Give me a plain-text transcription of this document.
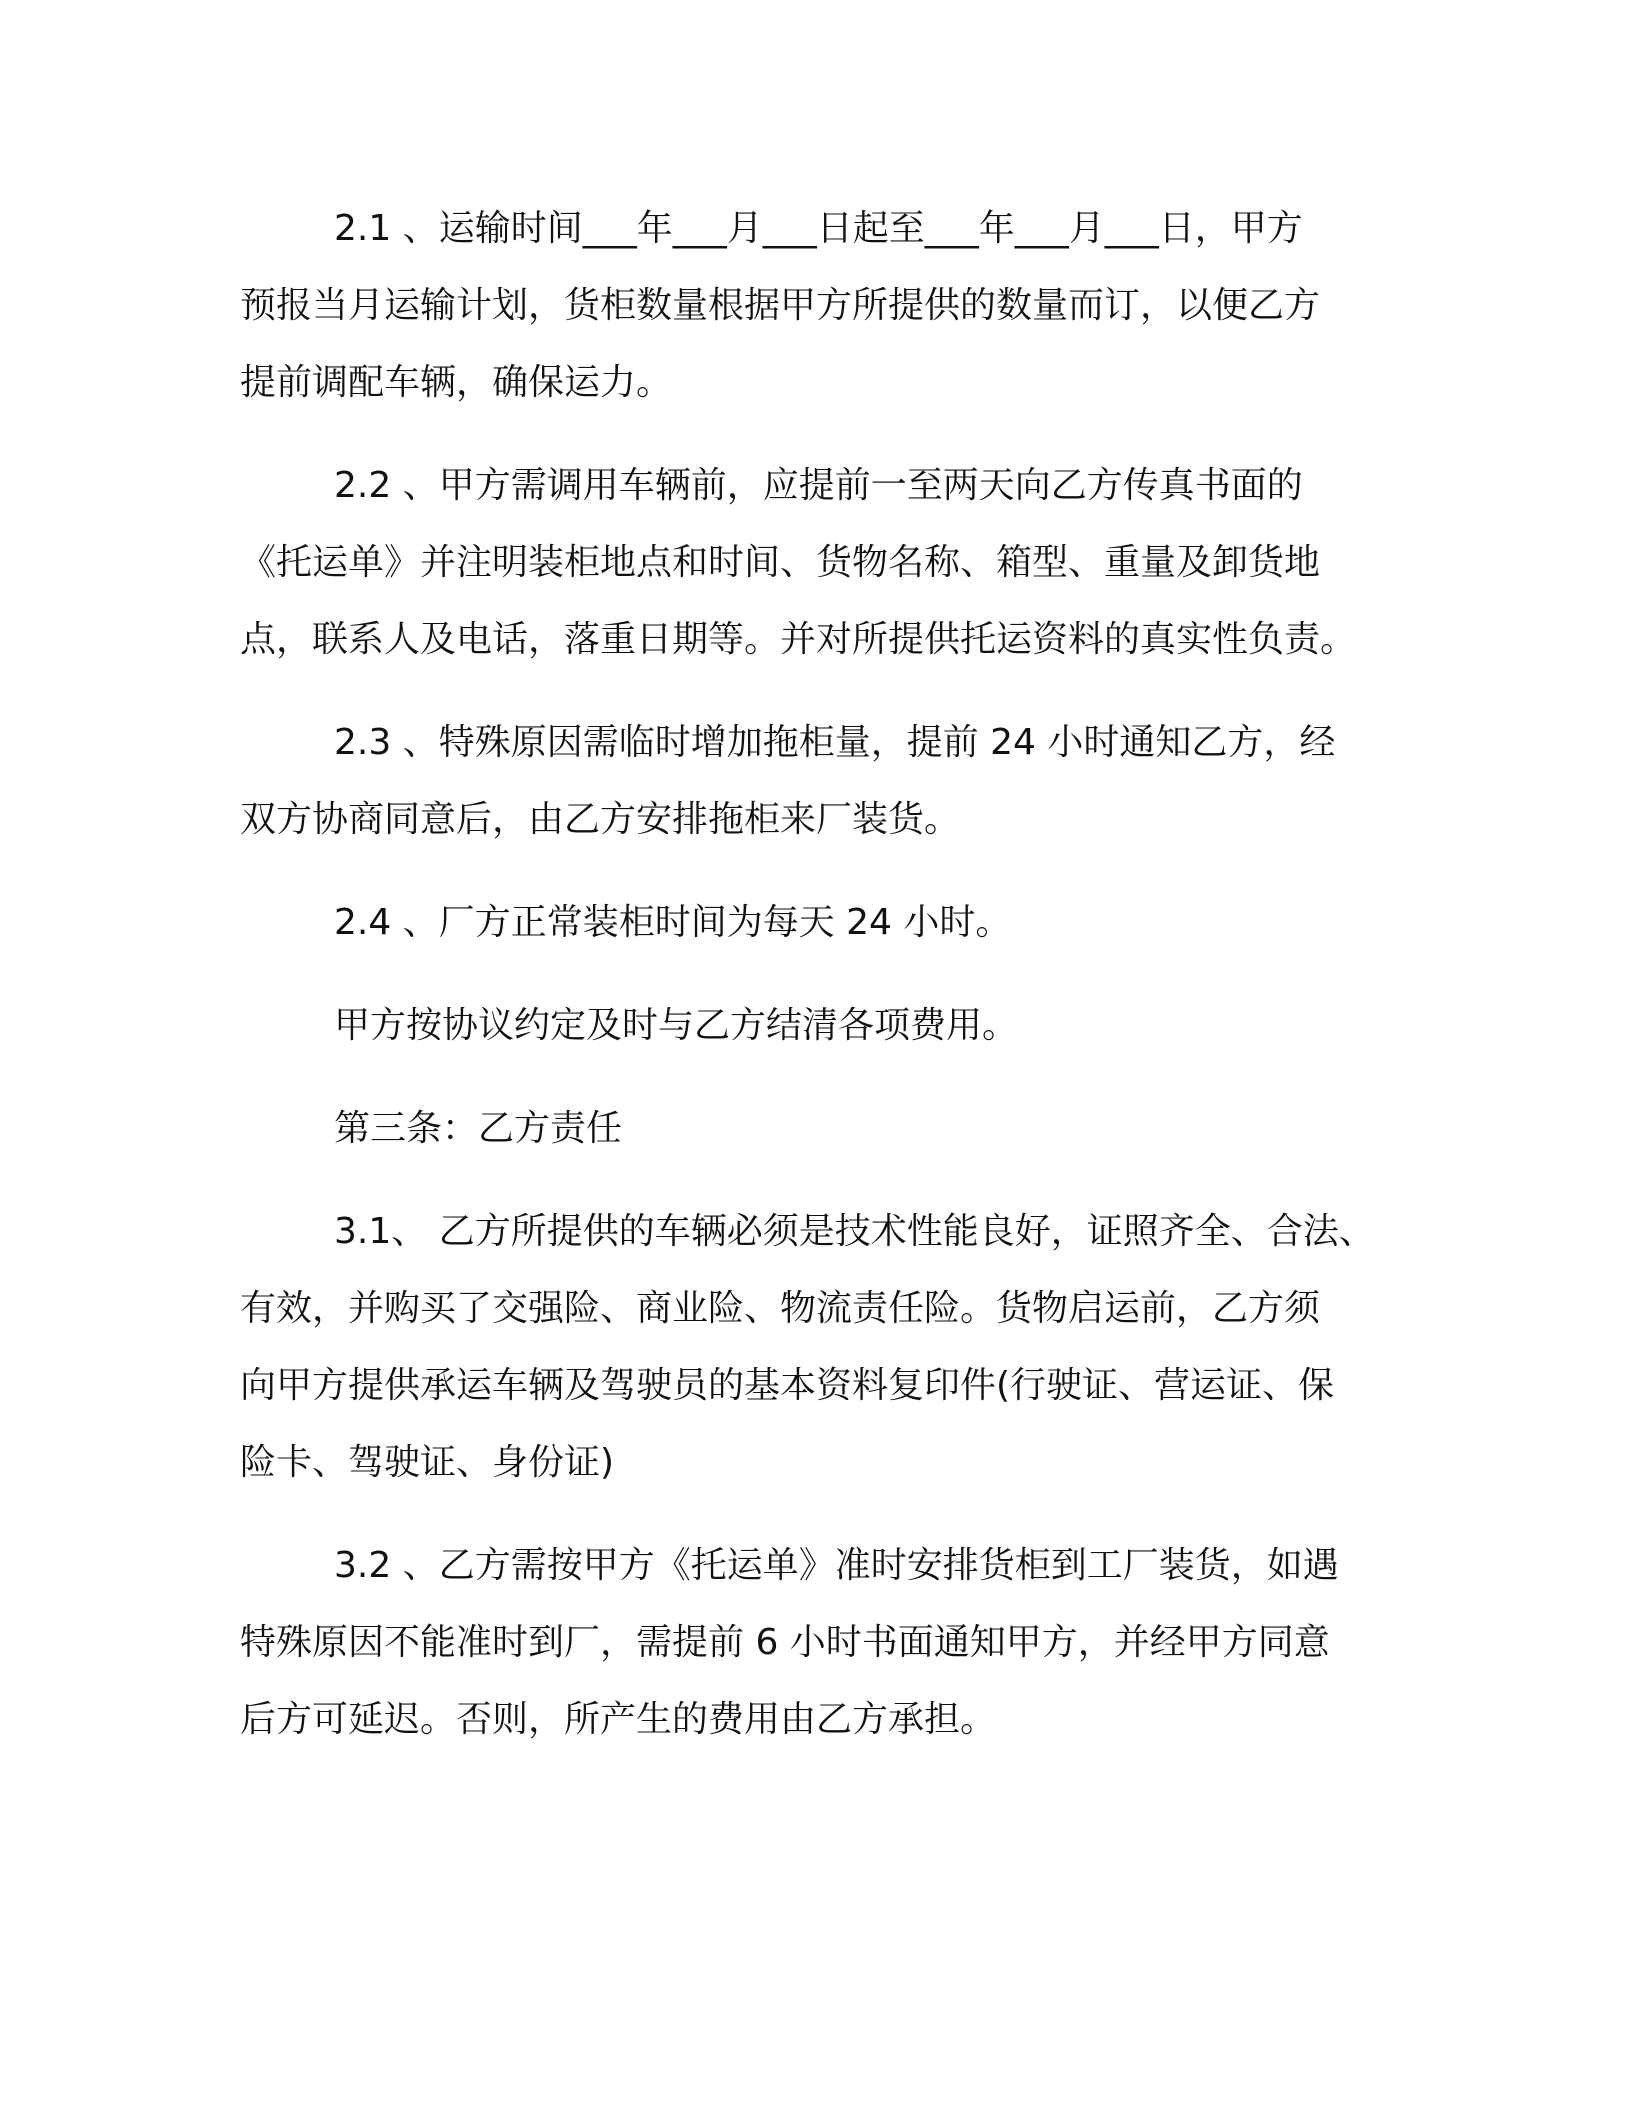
2.1 、运输时间___年___月___日起至___年___月___日，甲方
预报当月运输计划，货柜数量根据甲方所提供的数量而订，以便乙方
提前调配车辆，确保运力。

2.2 、甲方需调用车辆前，应提前一至两天向乙方传真书面的
《托运单》并注明装柜地点和时间、货物名称、箱型、重量及卸货地
点，联系人及电话，落重日期等。并对所提供托运资料的真实性负责。

2.3 、特殊原因需临时增加拖柜量，提前 24 小时通知乙方，经
双方协商同意后，由乙方安排拖柜来厂装货。

2.4 、厂方正常装柜时间为每天 24 小时。

甲方按协议约定及时与乙方结清各项费用。

第三条：乙方责任

3.1、 乙方所提供的车辆必须是技术性能良好，证照齐全、合法、
有效，并购买了交强险、商业险、物流责任险。货物启运前，乙方须
向甲方提供承运车辆及驾驶员的基本资料复印件(行驶证、营运证、保
险卡、驾驶证、身份证)

3.2 、乙方需按甲方《托运单》准时安排货柜到工厂装货，如遇
特殊原因不能准时到厂，需提前 6 小时书面通知甲方，并经甲方同意
后方可延迟。否则，所产生的费用由乙方承担。
